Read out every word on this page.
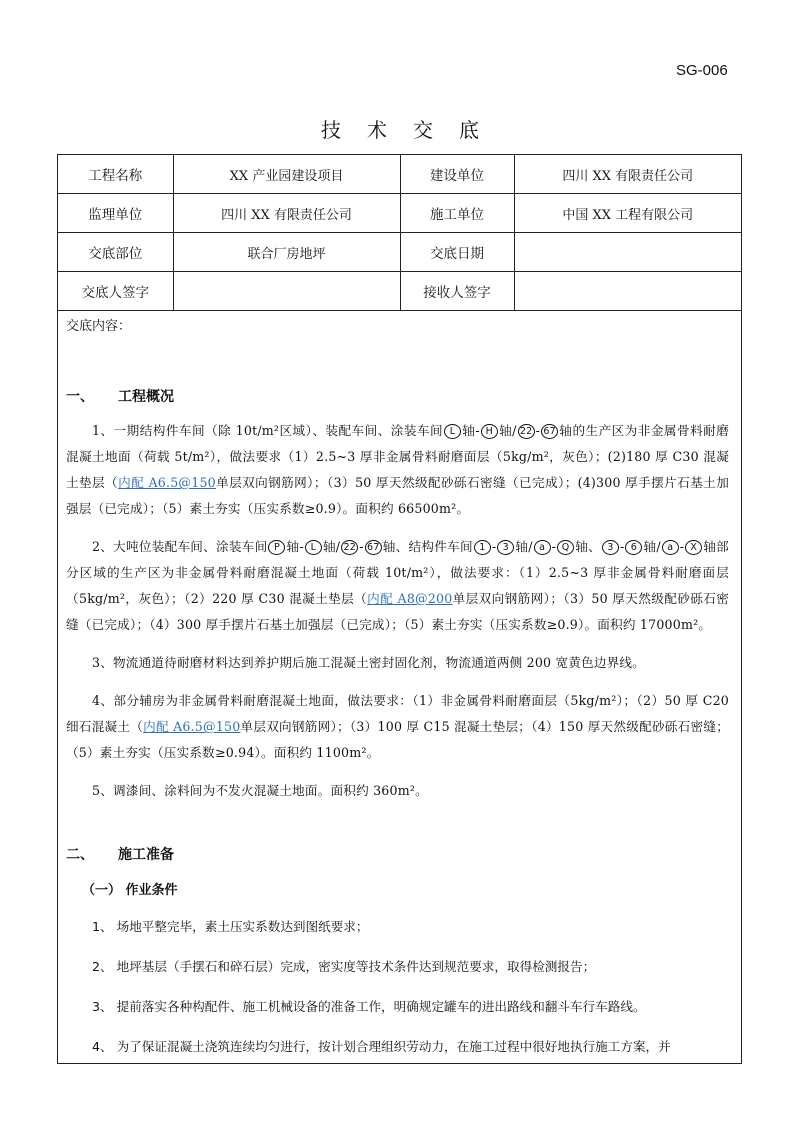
SG-006
技术交底
工程名称	XX 产业园建设项目	建设单位	四川 XX 有限责任公司
监理单位	四川 XX 有限责任公司	施工单位	中国 XX 工程有限公司
交底部位	联合厂房地坪	交底日期	
交底人签字		接收人签字	
交底内容：
一、 工程概况

1、一期结构件车间（除 10t/m²区域）、装配车间、涂装车间 L 轴- H 轴/ 22 - 67 轴的生产区为非金属骨料耐磨混凝土地面（荷载 5t/m²），做法要求（1）2.5~3 厚非金属骨料耐磨面层（5kg/m²，灰色）；(2)180 厚 C30 混凝土垫层（内配 A6.5@150单层双向钢筋网）；（3）50 厚天然级配砂砾石密缝（已完成）；(4)300 厚手摆片石基土加强层（已完成）；（5）素土夯实（压实系数≥0.9）。面积约 66500m²。

2、大吨位装配车间、涂装车间 P 轴- L 轴/ 22 - 67 轴、结构件车间 1 - 3 轴/ a - Q 轴、 3 - 6 轴/ a - X 轴部分区域的生产区为非金属骨料耐磨混凝土地面（荷载 10t/m²），做法要求：（1）2.5~3 厚非金属骨料耐磨面层（5kg/m²，灰色）；（2）220 厚 C30 混凝土垫层（内配 A8@200单层双向钢筋网）；（3）50 厚天然级配砂砾石密缝（已完成）；（4）300 厚手摆片石基土加强层（已完成）；（5）素土夯实（压实系数≥0.9）。面积约 17000m²。

3、物流通道待耐磨材料达到养护期后施工混凝土密封固化剂，物流通道两侧 200 宽黄色边界线。

4、部分辅房为非金属骨料耐磨混凝土地面，做法要求：（1）非金属骨料耐磨面层（5kg/m²）；（2）50 厚 C20 细石混凝土（内配 A6.5@150单层双向钢筋网）；（3）100 厚 C15 混凝土垫层；（4）150 厚天然级配砂砾石密缝；（5）素土夯实（压实系数≥0.94）。面积约 1100m²。

5、调漆间、涂料间为不发火混凝土地面。面积约 360m²。

二、 施工准备
（一） 作业条件
1、 场地平整完毕，素土压实系数达到图纸要求；
2、 地坪基层（手摆石和碎石层）完成，密实度等技术条件达到规范要求，取得检测报告；
3、 提前落实各种构配件、施工机械设备的准备工作，明确规定罐车的进出路线和翻斗车行车路线。
4、 为了保证混凝土浇筑连续均匀进行，按计划合理组织劳动力，在施工过程中很好地执行施工方案，并
